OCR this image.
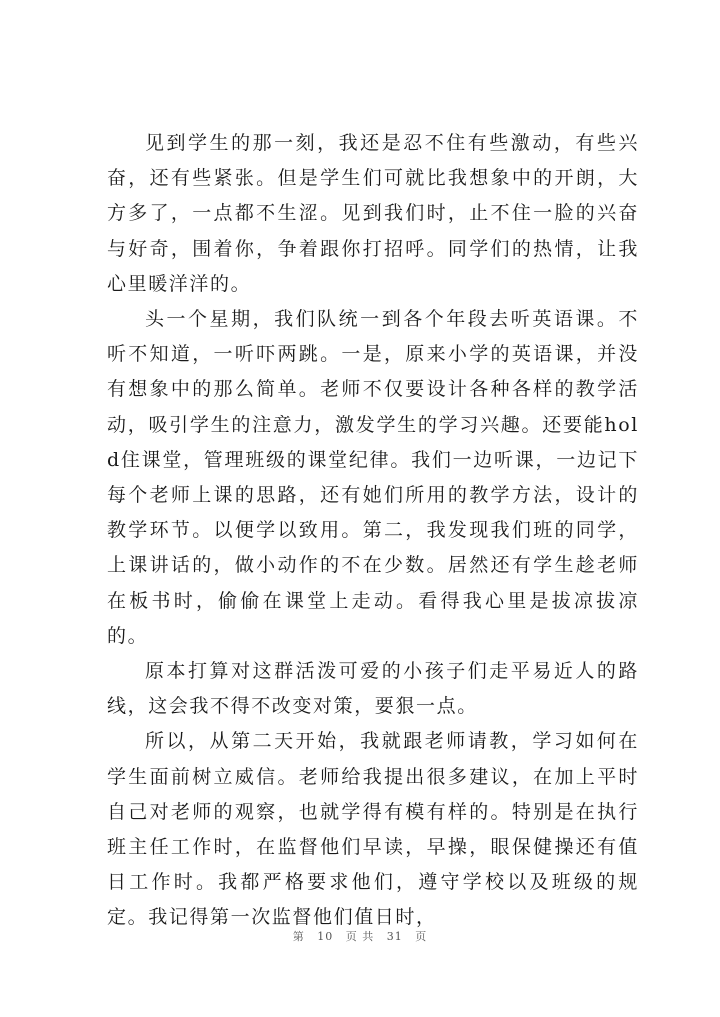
见到学生的那一刻，我还是忍不住有些激动，有些兴奋，还有些紧张。但是学生们可就比我想象中的开朗，大方多了，一点都不生涩。见到我们时，止不住一脸的兴奋与好奇，围着你，争着跟你打招呼。同学们的热情，让我心里暖洋洋的。

头一个星期，我们队统一到各个年段去听英语课。不听不知道，一听吓两跳。一是，原来小学的英语课，并没有想象中的那么简单。老师不仅要设计各种各样的教学活动，吸引学生的注意力，激发学生的学习兴趣。还要能hold住课堂，管理班级的课堂纪律。我们一边听课，一边记下每个老师上课的思路，还有她们所用的教学方法，设计的教学环节。以便学以致用。第二，我发现我们班的同学，上课讲话的，做小动作的不在少数。居然还有学生趁老师在板书时，偷偷在课堂上走动。看得我心里是拔凉拔凉的。

原本打算对这群活泼可爱的小孩子们走平易近人的路线，这会我不得不改变对策，要狠一点。

所以，从第二天开始，我就跟老师请教，学习如何在学生面前树立威信。老师给我提出很多建议，在加上平时自己对老师的观察，也就学得有模有样的。特别是在执行班主任工作时，在监督他们早读，早操，眼保健操还有值日工作时。我都严格要求他们，遵守学校以及班级的规定。我记得第一次监督他们值日时，

第 10 页 共 31 页
